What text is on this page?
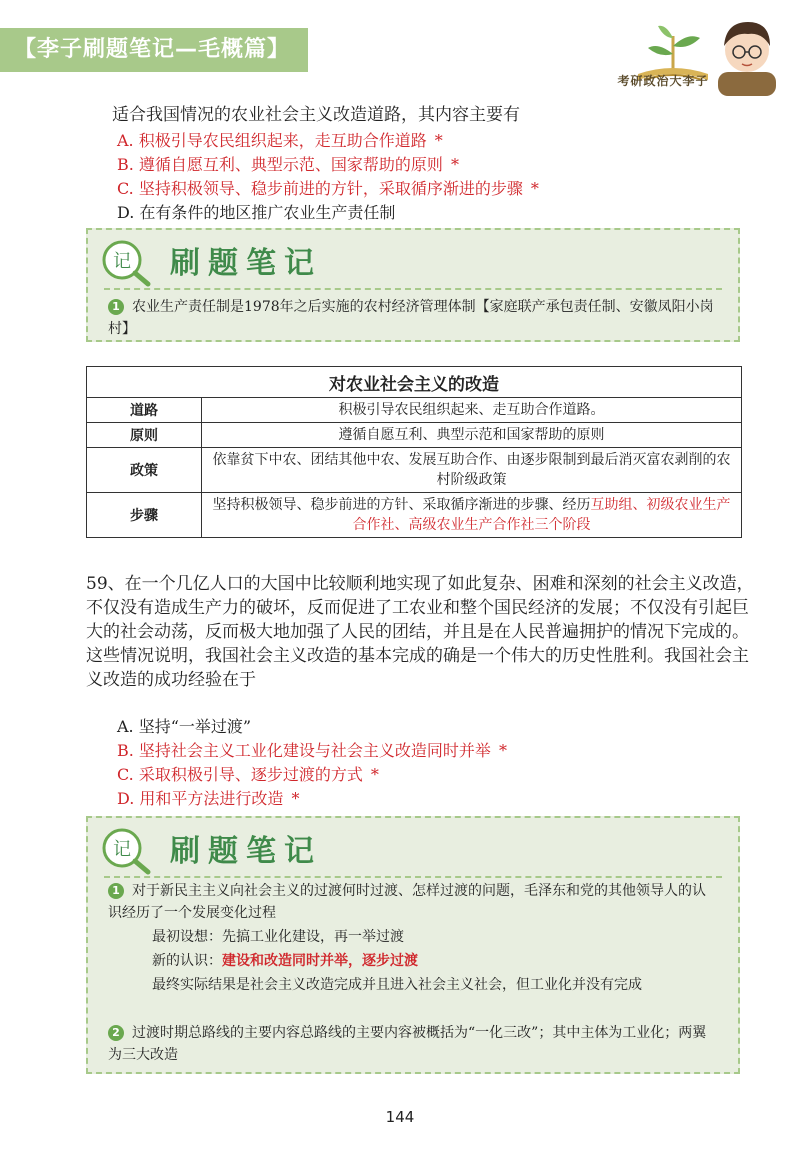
【李子刷题笔记—毛概篇】
考研政治大李子
适合我国情况的农业社会主义改造道路，其内容主要有
A. 积极引导农民组织起来，走互助合作道路 *
B. 遵循自愿互利、典型示范、国家帮助的原则 *
C. 坚持积极领导、稳步前进的方针，采取循序渐进的步骤 *
D. 在有条件的地区推广农业生产责任制
记 刷题笔记
1 农业生产责任制是1978年之后实施的农村经济管理体制【家庭联产承包责任制、安徽凤阳小岗村】
对农业社会主义的改造	
道路	积极引导农民组织起来、走互助合作道路。
原则	遵循自愿互利、典型示范和国家帮助的原则
政策	依靠贫下中农、团结其他中农、发展互助合作、由逐步限制到最后消灭富农剥削的农村阶级政策
步骤	坚持积极领导、稳步前进的方针、采取循序渐进的步骤、经历互助组、初级农业生产合作社、高级农业生产合作社三个阶段
59、在一个几亿人口的大国中比较顺利地实现了如此复杂、困难和深刻的社会主义改造，不仅没有造成生产力的破坏，反而促进了工农业和整个国民经济的发展；不仅没有引起巨大的社会动荡，反而极大地加强了人民的团结，并且是在人民普遍拥护的情况下完成的。这些情况说明，我国社会主义改造的基本完成的确是一个伟大的历史性胜利。我国社会主义改造的成功经验在于
A. 坚持“一举过渡”
B. 坚持社会主义工业化建设与社会主义改造同时并举 *
C. 采取积极引导、逐步过渡的方式 *
D. 用和平方法进行改造 *
记 刷题笔记
1 对于新民主主义向社会主义的过渡何时过渡、怎样过渡的问题，毛泽东和党的其他领导人的认识经历了一个发展变化过程
最初设想：先搞工业化建设，再一举过渡
新的认识：建设和改造同时并举，逐步过渡
最终实际结果是社会主义改造完成并且进入社会主义社会，但工业化并没有完成
2 过渡时期总路线的主要内容总路线的主要内容被概括为“一化三改”；其中主体为工业化；两翼为三大改造
144
